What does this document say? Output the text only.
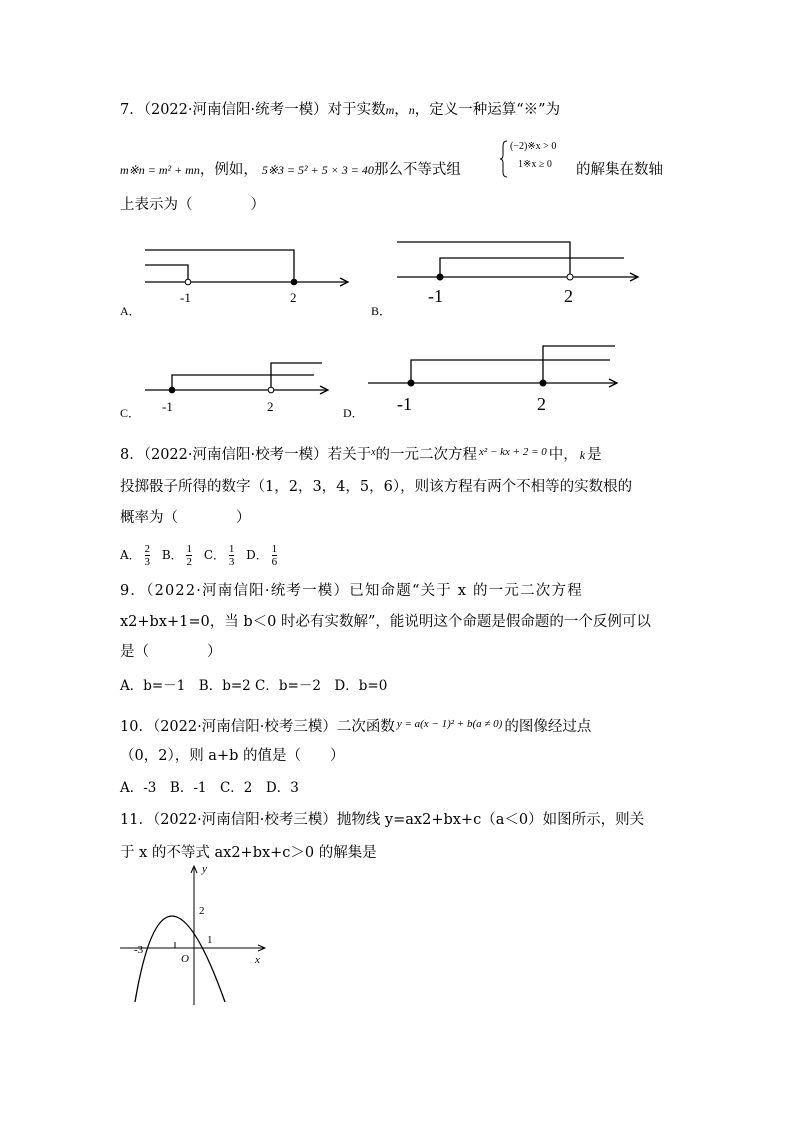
7．（2022·河南信阳·统考一模）对于实数m，n，定义一种运算“※”为
m※n = m² + mn，例如， 5※3 = 5² + 5 × 3 = 40那么不等式组
(−2)※x > 0
1※x ≥ 0	的解集在数轴
上表示为（　　　　）
-1	2
A．
-1	2
B．
-1	2
C．	-1	2
D．
8．（2022·河南信阳·校考一模）若关于$^x$的一元二次方程 $^{x^2 - kx + 2 = 0}$ 中， k 是
投掷骰子所得的数字（1，2，3，4，5，6），则该方程有两个不相等的实数根的
概率为（　　　　）
A． $\frac{2}{3}$ B． $\frac{1}{2}$ C． $\frac{1}{3}$ D． $\frac{1}{6}$
9．（2022·河南信阳·统考一模）已知命题“关于 x 的一元二次方程
x2+bx+1=0，当 b＜0 时必有实数解”，能说明这个命题是假命题的一个反例可以
是（　　　　）
A．b=－1　B．b=2 C．b=－2　D．b=0
10．（2022·河南信阳·校考三模）二次函数 $^{y = a(x - 1)^2 + b(a \ne 0)}$ 的图像经过点
（0，2），则 a+b 的值是（　　）
A．-3　B．-1　C．2　D．3
11．（2022·河南信阳·校考三模）抛物线 y=ax2+bx+c（a＜0）如图所示，则关
于 x 的不等式 ax2+bx+c＞0 的解集是
y
x
O
2
-3
1
